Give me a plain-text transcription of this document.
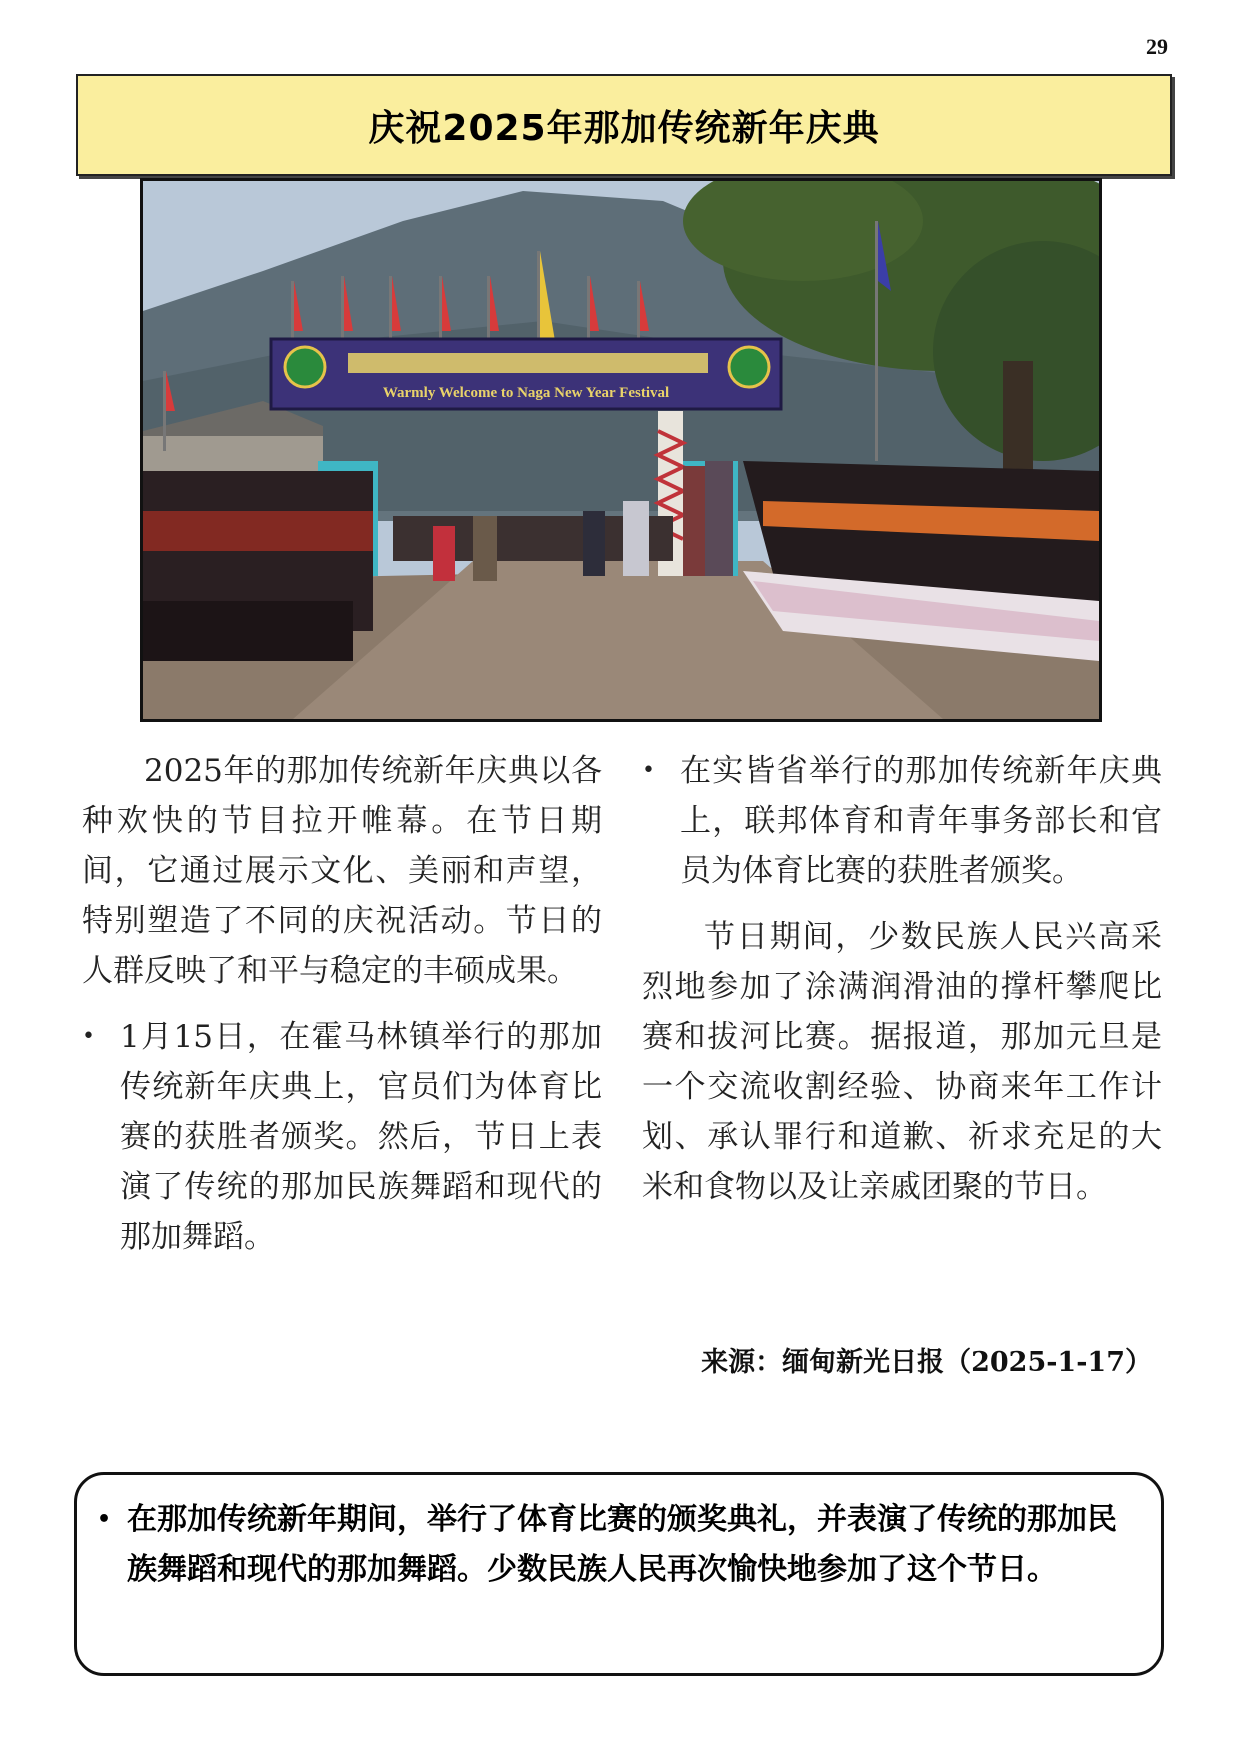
29
庆祝2025年那加传统新年庆典
Warmly Welcome to Naga New Year Festival

2025年的那加传统新年庆典以各种欢快的节目拉开帷幕。在节日期间，它通过展示文化、美丽和声望，特别塑造了不同的庆祝活动。节日的人群反映了和平与稳定的丰硕成果。

• 1月15日，在霍马林镇举行的那加传统新年庆典上，官员们为体育比赛的获胜者颁奖。然后，节日上表演了传统的那加民族舞蹈和现代的那加舞蹈。
• 在实皆省举行的那加传统新年庆典上，联邦体育和青年事务部长和官员为体育比赛的获胜者颁奖。

节日期间，少数民族人民兴高采烈地参加了涂满润滑油的撑杆攀爬比赛和拔河比赛。据报道，那加元旦是一个交流收割经验、协商来年工作计划、承认罪行和道歉、祈求充足的大米和食物以及让亲戚团聚的节日。

来源：缅甸新光日报（2025-1-17）
• 在那加传统新年期间，举行了体育比赛的颁奖典礼，并表演了传统的那加民族舞蹈和现代的那加舞蹈。少数民族人民再次愉快地参加了这个节日。
